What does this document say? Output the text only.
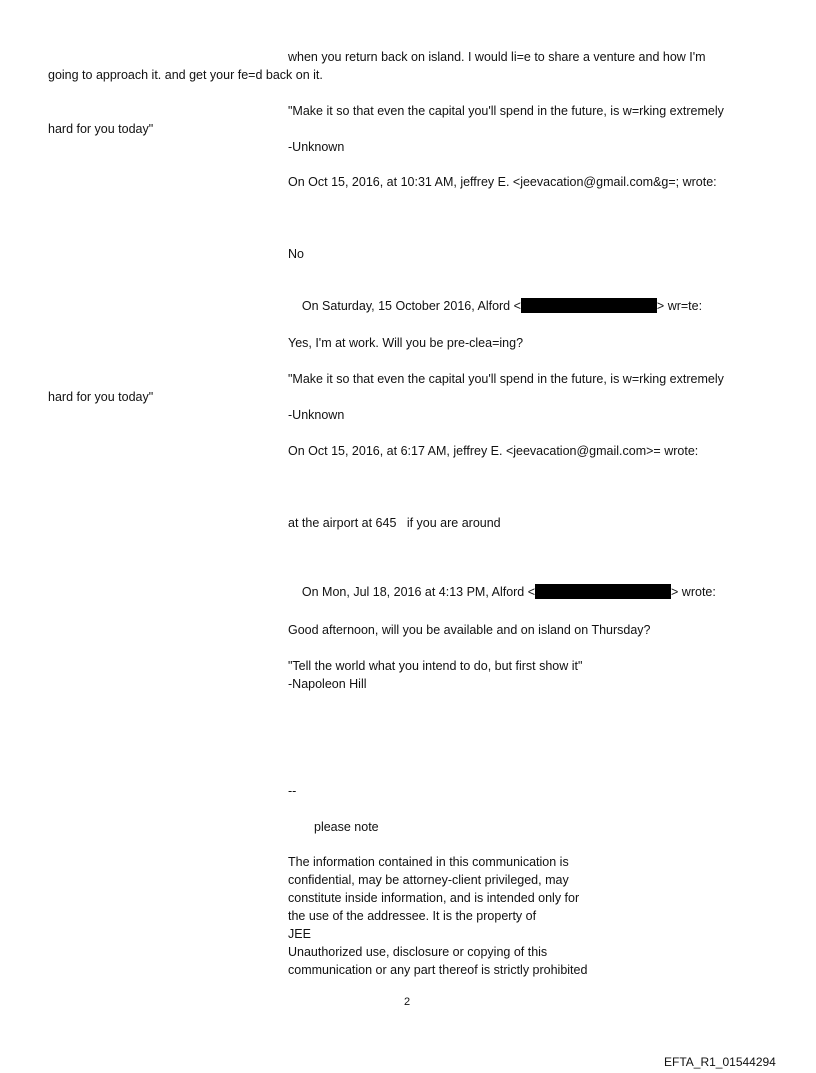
when you return back on island. I would li=e to share a venture and how I'm
going to approach it. and get your fe=d back on it.
"Make it so that even the capital you'll spend in the future, is w=rking extremely
hard for you today"
-Unknown
On Oct 15, 2016, at 10:31 AM, jeffrey E. <jeevacation@gmail.com&g=; wrote:
No

On Saturday, 15 October 2016, Alford <	> wr=te:

Yes, I'm at work. Will you be pre-clea=ing?
"Make it so that even the capital you'll spend in the future, is w=rking extremely
hard for you today"
-Unknown
On Oct 15, 2016, at 6:17 AM, jeffrey E. <jeevacation@gmail.com>= wrote:
at the airport at 645   if you are around

On Mon, Jul 18, 2016 at 4:13 PM, Alford <	> wrote:

Good afternoon, will you be available and on island on Thursday?
"Tell the world what you intend to do, but first show it"
-Napoleon Hill
--
please note
The information contained in this communication is
confidential, may be attorney-client privileged, may
constitute inside information, and is intended only for
the use of the addressee. It is the property of
JEE
Unauthorized use, disclosure or copying of this
communication or any part thereof is strictly prohibited
2
EFTA_R1_01544294
